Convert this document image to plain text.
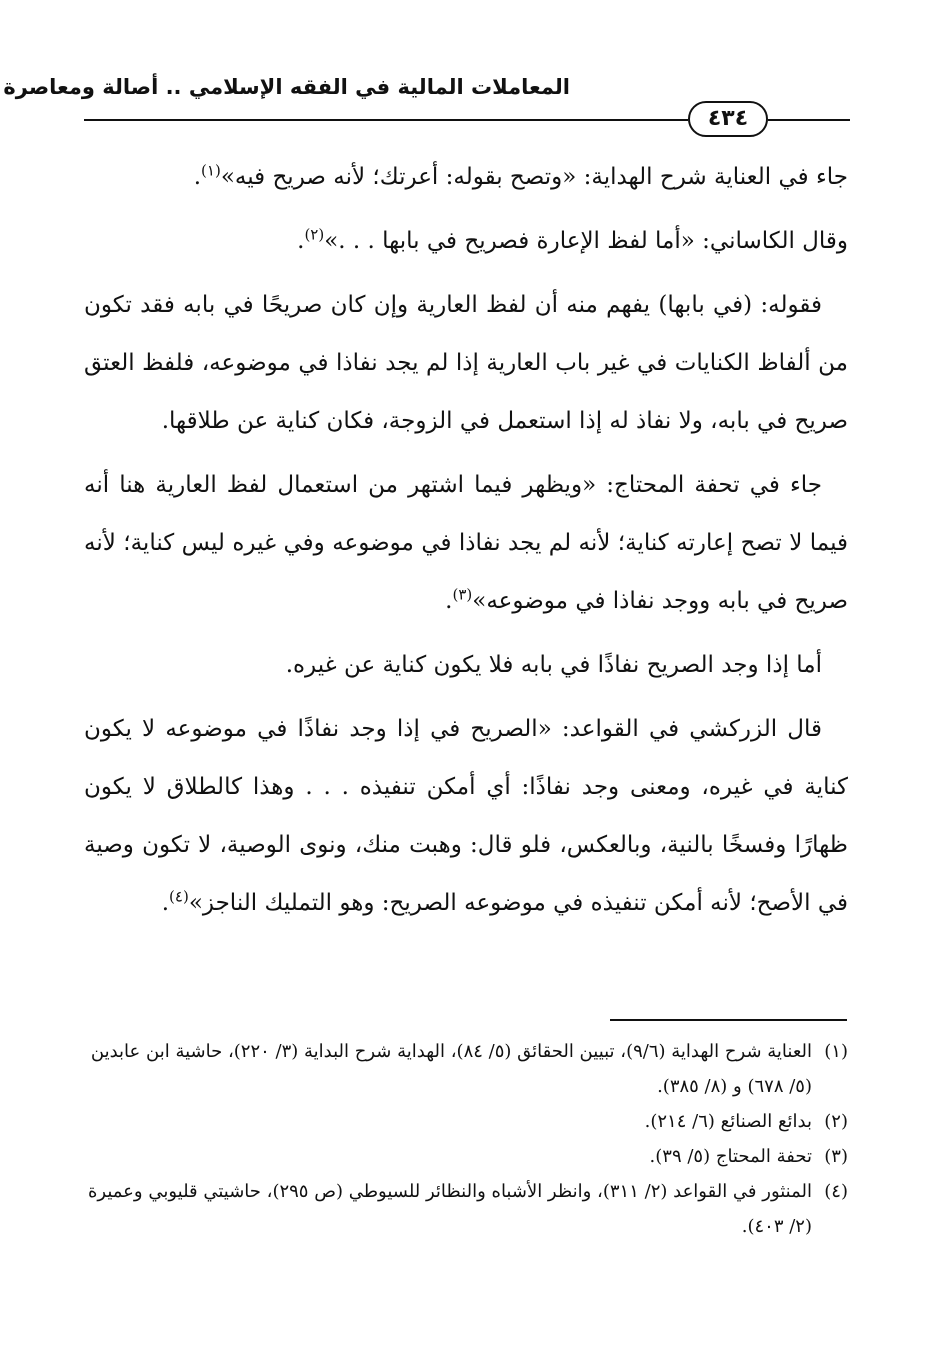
المعاملات المالية في الفقه الإسلامي .. أصالة ومعاصرة
٤٣٤

جاء في العناية شرح الهداية: «وتصح بقوله: أعرتك؛ لأنه صريح فيه»$^{(١)}$.

وقال الكاساني: «أما لفظ الإعارة فصريح في بابها . . .»$^{(٢)}$.

فقوله: (في بابها) يفهم منه أن لفظ العارية وإن كان صريحًا في بابه فقد تكون من ألفاظ الكنايات في غير باب العارية إذا لم يجد نفاذا في موضوعه، فلفظ العتق صريح في بابه، ولا نفاذ له إذا استعمل في الزوجة، فكان كناية عن طلاقها.

جاء في تحفة المحتاج: «ويظهر فيما اشتهر من استعمال لفظ العارية هنا أنه فيما لا تصح إعارته كناية؛ لأنه لم يجد نفاذا في موضوعه وفي غيره ليس كناية؛ لأنه صريح في بابه ووجد نفاذا في موضوعه»$^{(٣)}$.

أما إذا وجد الصريح نفاذًا في بابه فلا يكون كناية عن غيره.

قال الزركشي في القواعد: «الصريح في إذا وجد نفاذًا في موضوعه لا يكون كناية في غيره، ومعنى وجد نفاذًا: أي أمكن تنفيذه . . . وهذا كالطلاق لا يكون ظهارًا وفسخًا بالنية، وبالعكس، فلو قال: وهبت منك، ونوى الوصية، لا تكون وصية في الأصح؛ لأنه أمكن تنفيذه في موضوعه الصريح: وهو التمليك الناجز»$^{(٤)}$.

(١)العناية شرح الهداية (٩/٦)، تبيين الحقائق (٥/ ٨٤)، الهداية شرح البداية (٣/ ٢٢٠)، حاشية ابن عابدين (٥/ ٦٧٨) و (٨/ ٣٨٥).

(٢)بدائع الصنائع (٦/ ٢١٤).

(٣)تحفة المحتاج (٥/ ٣٩).

(٤)المنثور في القواعد (٢/ ٣١١)، وانظر الأشباه والنظائر للسيوطي (ص ٢٩٥)، حاشيتي قليوبي وعميرة (٢/ ٤٠٣).
